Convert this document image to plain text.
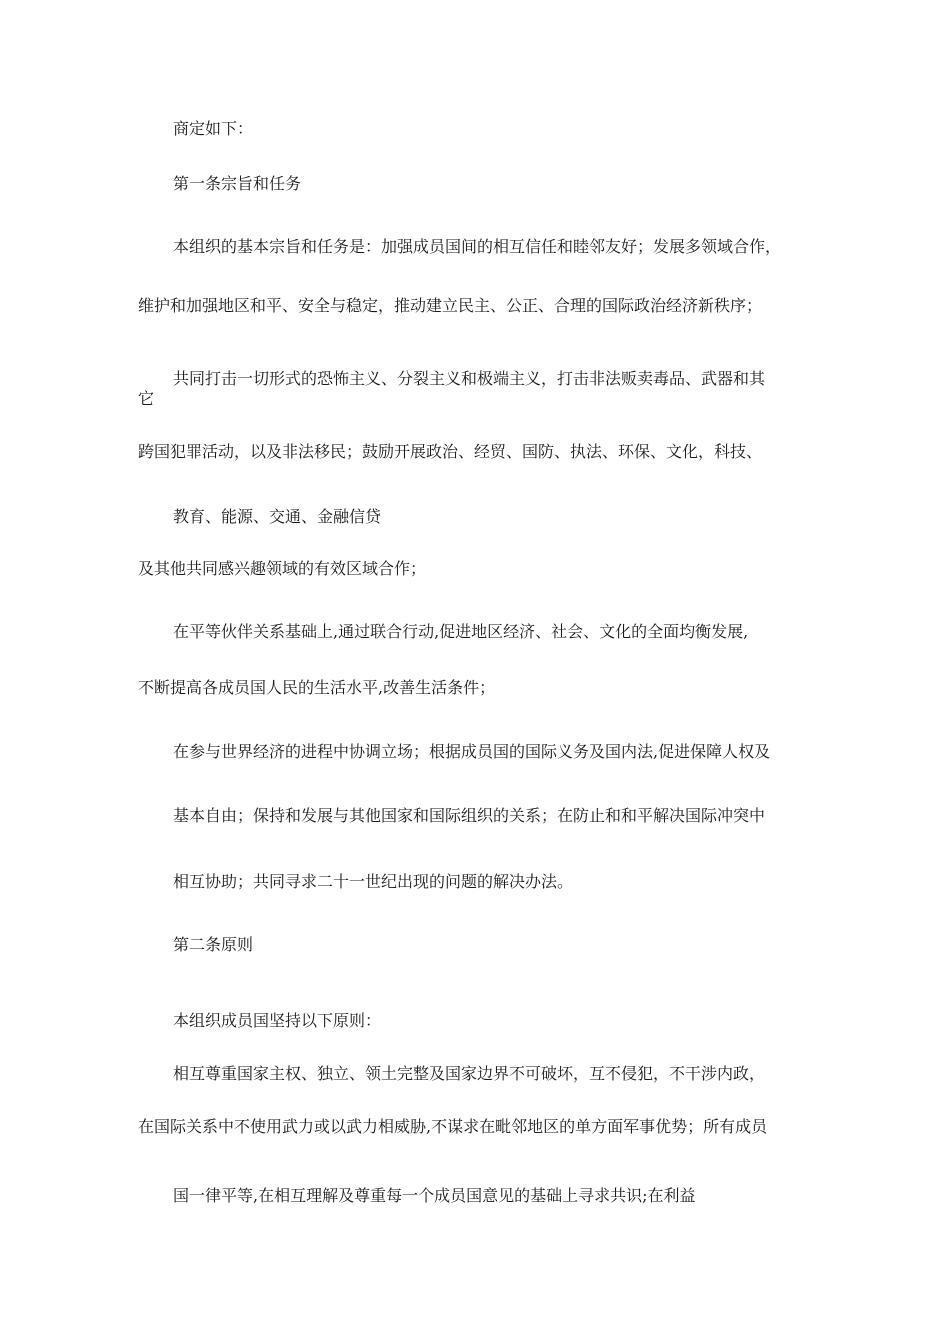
商定如下：

第一条宗旨和任务

本组织的基本宗旨和任务是：加强成员国间的相互信任和睦邻友好；发展多领域合作，

维护和加强地区和平、安全与稳定，推动建立民主、公正、合理的国际政治经济新秩序；

共同打击一切形式的恐怖主义、分裂主义和极端主义，打击非法贩卖毒品、武器和其

它

跨国犯罪活动，以及非法移民；鼓励开展政治、经贸、国防、执法、环保、文化，科技、

教育、能源、交通、金融信贷

及其他共同感兴趣领域的有效区域合作；

在平等伙伴关系基础上,通过联合行动,促进地区经济、社会、文化的全面均衡发展,

不断提高各成员国人民的生活水平,改善生活条件；

在参与世界经济的进程中协调立场；根据成员国的国际义务及国内法,促进保障人权及

基本自由；保持和发展与其他国家和国际组织的关系；在防止和和平解决国际冲突中

相互协助；共同寻求二十一世纪出现的问题的解决办法。

第二条原则

本组织成员国坚持以下原则：

相互尊重国家主权、独立、领土完整及国家边界不可破坏，互不侵犯，不干涉内政，

在国际关系中不使用武力或以武力相威胁,不谋求在毗邻地区的单方面军事优势；所有成员

国一律平等,在相互理解及尊重每一个成员国意见的基础上寻求共识;在利益
